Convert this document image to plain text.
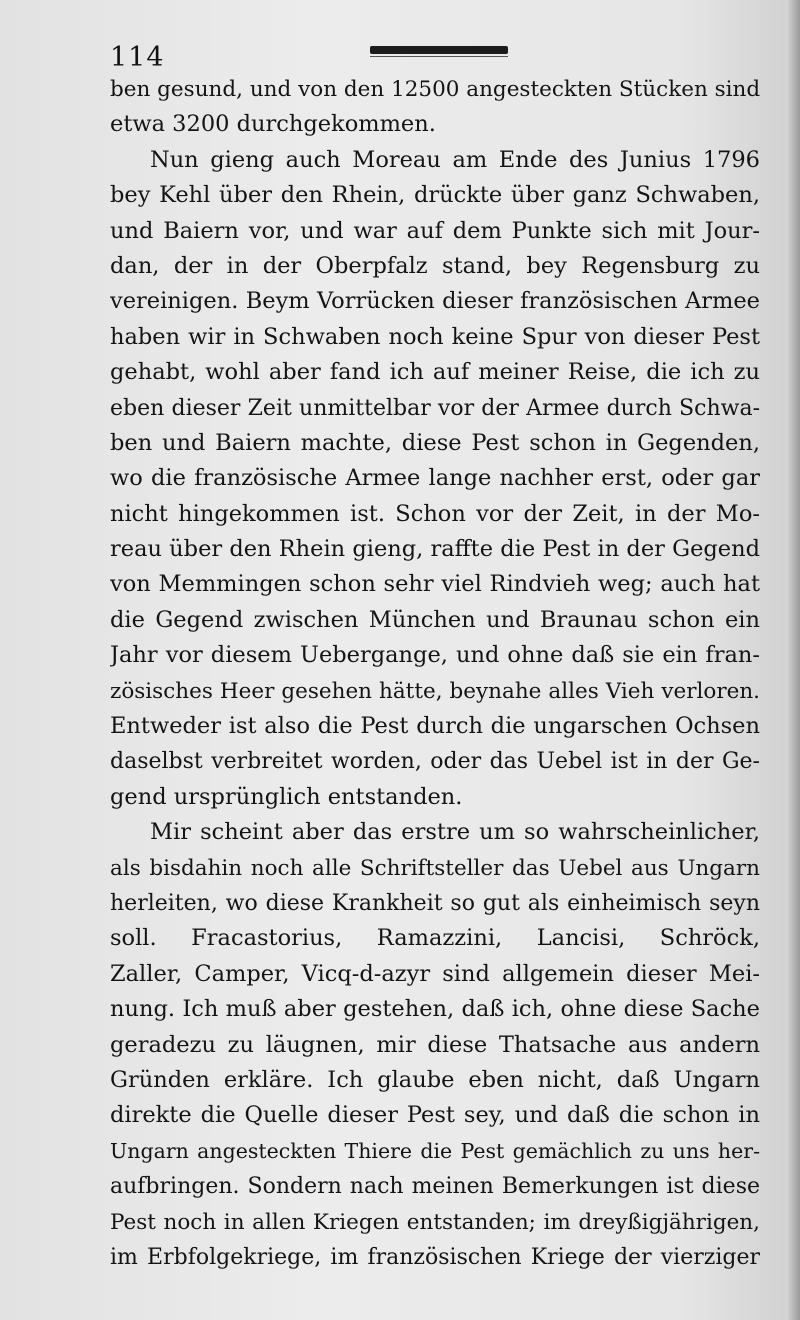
114
ben gesund, und von den 12500 angesteckten Stücken sind
etwa 3200 durchgekommen.
Nun gieng auch Moreau am Ende des Junius 1796
bey Kehl über den Rhein, drückte über ganz Schwaben,
und Baiern vor, und war auf dem Punkte sich mit Jour-
dan, der in der Oberpfalz stand, bey Regensburg zu
vereinigen. Beym Vorrücken dieser französischen Armee
haben wir in Schwaben noch keine Spur von dieser Pest
gehabt, wohl aber fand ich auf meiner Reise, die ich zu
eben dieser Zeit unmittelbar vor der Armee durch Schwa-
ben und Baiern machte, diese Pest schon in Gegenden,
wo die französische Armee lange nachher erst, oder gar
nicht hingekommen ist. Schon vor der Zeit, in der Mo-
reau über den Rhein gieng, raffte die Pest in der Gegend
von Memmingen schon sehr viel Rindvieh weg; auch hat
die Gegend zwischen München und Braunau schon ein
Jahr vor diesem Uebergange, und ohne daß sie ein fran-
zösisches Heer gesehen hätte, beynahe alles Vieh verloren.
Entweder ist also die Pest durch die ungarschen Ochsen
daselbst verbreitet worden, oder das Uebel ist in der Ge-
gend ursprünglich entstanden.
Mir scheint aber das erstre um so wahrscheinlicher,
als bisdahin noch alle Schriftsteller das Uebel aus Ungarn
herleiten, wo diese Krankheit so gut als einheimisch seyn
soll. Fracastorius, Ramazzini, Lancisi, Schröck,
Zaller, Camper, Vicq-d-azyr sind allgemein dieser Mei-
nung. Ich muß aber gestehen, daß ich, ohne diese Sache
geradezu zu läugnen, mir diese Thatsache aus andern
Gründen erkläre. Ich glaube eben nicht, daß Ungarn
direkte die Quelle dieser Pest sey, und daß die schon in
Ungarn angesteckten Thiere die Pest gemächlich zu uns her-
aufbringen. Sondern nach meinen Bemerkungen ist diese
Pest noch in allen Kriegen entstanden; im dreyßigjährigen,
im Erbfolgekriege, im französischen Kriege der vierziger
